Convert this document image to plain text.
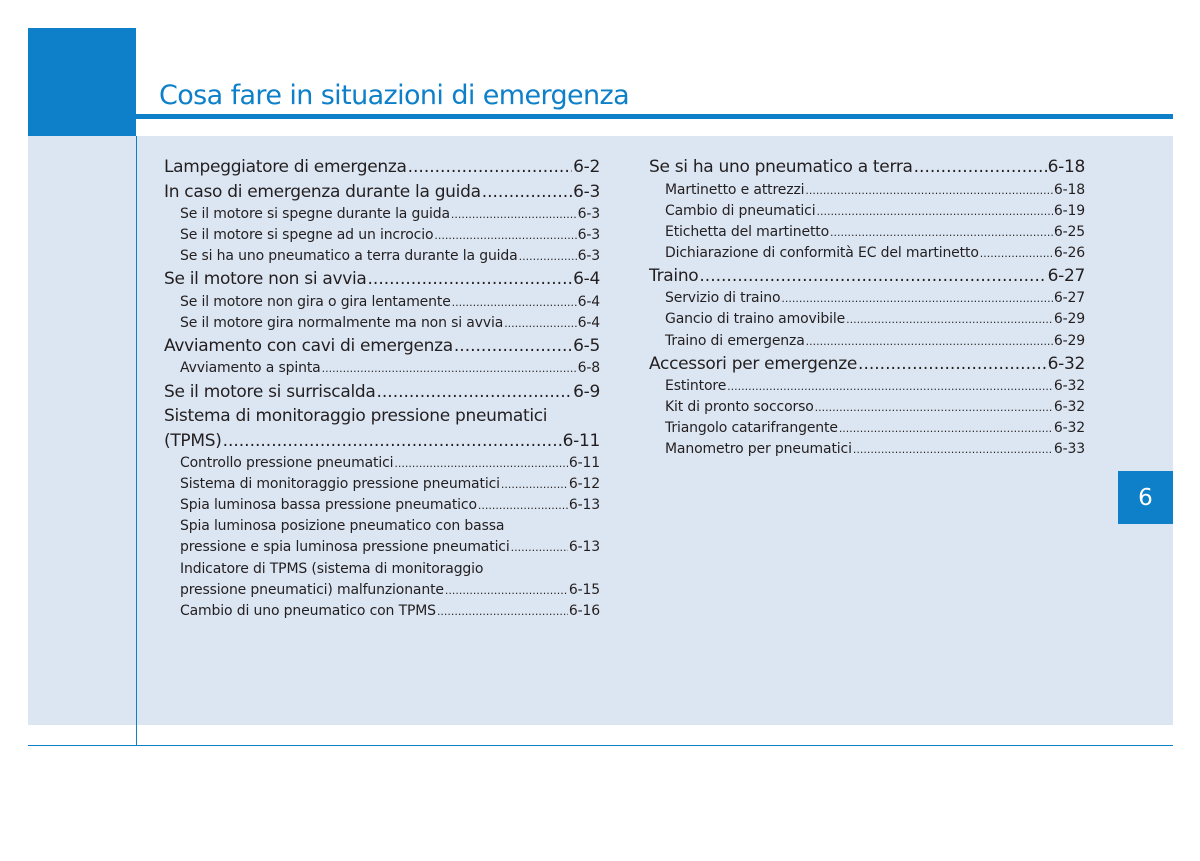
Cosa fare in situazioni di emergenza
6
Lampeggiatore di emergenza .....	6-2
In caso di emergenza durante la guida .....	6-3
Se il motore si spegne durante la guida .....	6-3
Se il motore si spegne ad un incrocio .....	6-3
Se si ha uno pneumatico a terra durante la guida .....	6-3
Se il motore non si avvia .....	6-4
Se il motore non gira o gira lentamente .....	6-4
Se il motore gira normalmente ma non si avvia .....	6-4
Avviamento con cavi di emergenza .....	6-5
Avviamento a spinta .....	6-8
Se il motore si surriscalda .....	6-9
Sistema di monitoraggio pressione pneumatici
(TPMS) .....	6-11
Controllo pressione pneumatici .....	6-11
Sistema di monitoraggio pressione pneumatici .....	6-12
Spia luminosa bassa pressione pneumatico .....	6-13
Spia luminosa posizione pneumatico con bassa
pressione e spia luminosa pressione pneumatici .....	6-13
Indicatore di TPMS (sistema di monitoraggio
pressione pneumatici) malfunzionante .....	6-15
Cambio di uno pneumatico con TPMS .....	6-16
Se si ha uno pneumatico a terra .....	6-18
Martinetto e attrezzi .....	6-18
Cambio di pneumatici .....	6-19
Etichetta del martinetto .....	6-25
Dichiarazione di conformità EC del martinetto .....	6-26
Traino .....	6-27
Servizio di traino .....	6-27
Gancio di traino amovibile .....	6-29
Traino di emergenza .....	6-29
Accessori per emergenze .....	6-32
Estintore .....	6-32
Kit di pronto soccorso .....	6-32
Triangolo catarifrangente .....	6-32
Manometro per pneumatici .....	6-33
